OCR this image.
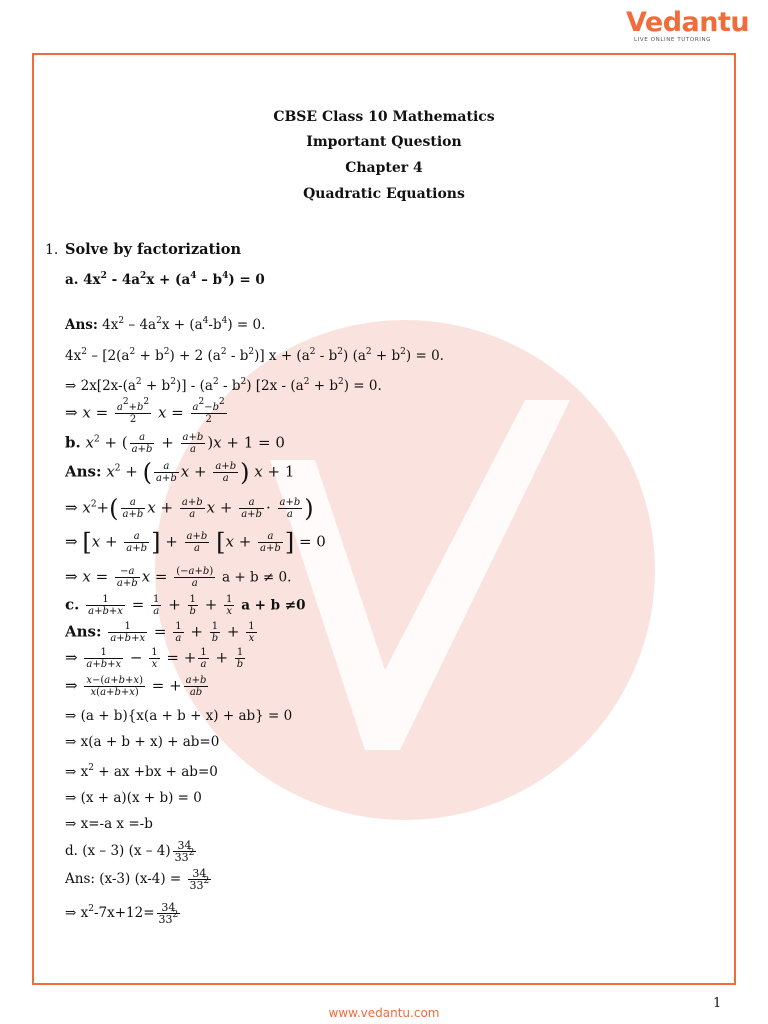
Vedantu
LIVE ONLINE TUTORING
CBSE Class 10 Mathematics
Important Question
Chapter 4
Quadratic Equations
1. Solve by factorization
a. $4x^2 - 4a^2x + (a^4 - b^4) = 0$
Ans: $4x^2 - 4a^2x + (a^4-b^4) = 0$.
$4x^2 - [2(a^2 + b^2) + 2$ $(a^2 - b^2)$] $x + (a^2 - b^2) (a^2 + b^2) = 0$.
⇒ $2x[2x-(a^2 + b^2)] - (a^2 - b^2)$ [$2x - (a^2 + b^2) = 0$.
⇒ $x = \frac{a^2+b^2}{2}$ $x = \frac{a^2-b^2}{2}$
b. $x^2$ + ( $\frac{a}{a+b} + \frac{a+b}{a} )x + 1 = 0$
Ans: $x^2$ + ( $\frac{a}{a+b}$ $x + \frac{a+b}{a}$ ) x + 1
⇒ $x^2+( \frac{a}{a+b}$ $x + \frac{a+b}{a}$ $x + \frac{a}{a+b} \cdot \frac{a+b}{a}$ )
⇒ [$x + \frac{a}{a+b}$ ] + $\frac{a+b}{a} [x + \frac{a}{a+b}$ ] = 0
⇒ $x = \frac{-a}{a+b}$ $x = \frac{(-a+b)}{a}$ a + b ≠ 0.
c. $\frac{1}{a+b+x} = \frac{1}{a} + \frac{1}{b} + \frac{1}{x}$ a + b ≠0
Ans: $\frac{1}{a+b+x} = \frac{1}{a} + \frac{1}{b} + \frac{1}{x}$
⇒ $\frac{1}{a+b+x} - \frac{1}{x}$ = + $\frac{1}{a} + \frac{1}{b}$
⇒ $\frac{x-(a+b+x)}{x(a+b+x)}$ = + $\frac{a+b}{ab}$
⇒ (a + b){x(a + b + x) + ab} = 0
⇒ x(a + b + x) + ab=0
⇒ $x^2$ + ax +bx + ab=0
⇒ (x + a)(x + b) = 0
⇒ x=-a x =-b
d. (x – 3) $(x - 4) \frac{34}{33^2}$
Ans: (x-3) $(x-4) = \frac{34}{33^2}$
⇒ $x^2-7x+12= \frac{34}{33^2}$
1
www.vedantu.com
